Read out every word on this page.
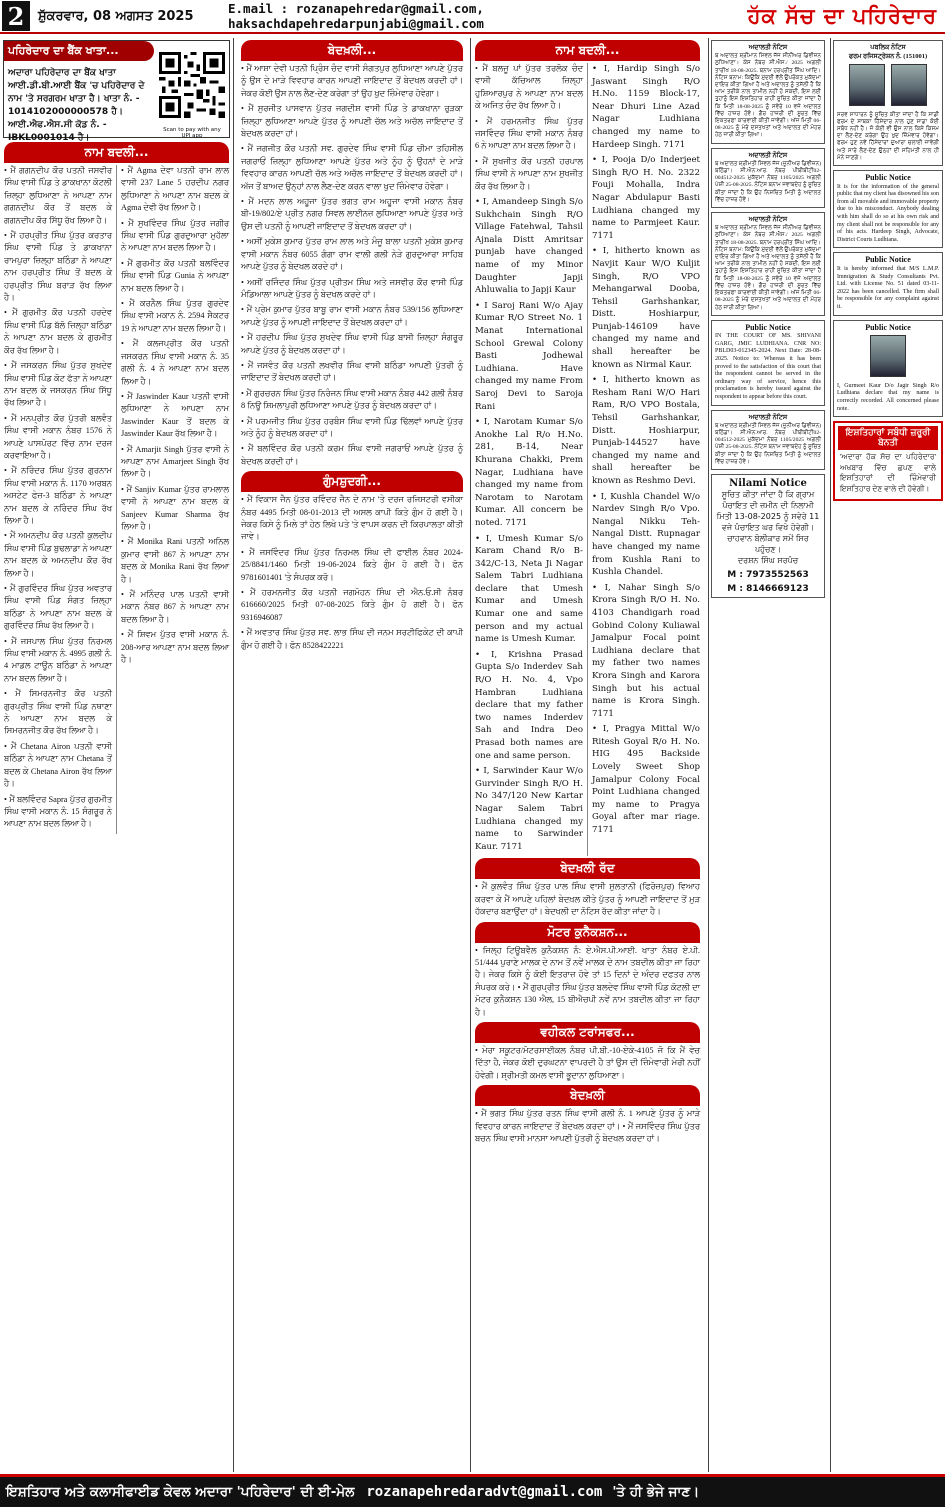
2	ਸ਼ੁੱਕਰਵਾਰ, 08 ਅਗਸਤ 2025	E.mail : rozanapehredar@gmail.com, haksachdapehredarpunjabi@gmail.com	ਹੱਕ ਸੱਚ ਦਾ ਪਹਿਰੇਦਾਰ
ਪਹਿਰੇਦਾਰ ਦਾ ਬੈਂਕ ਖਾਤਾ...
ਅਦਾਰਾ ਪਹਿਰੇਦਾਰ ਦਾ ਬੈਂਕ ਖਾਤਾ ਆਈ.ਡੀ.ਬੀ.ਆਈ ਬੈਂਕ 'ਚ ਪਹਿਰੇਦਾਰ ਦੇ ਨਾਮ 'ਤੇ ਸਰਗਰਮ ਖਾਤਾ ਹੈ। ਖਾਤਾ ਨੰ. - 1014102000000578 ਹੈ। ਆਈ.ਐਫ.ਐਸ.ਸੀ ਕੋਡ ਨੰ. - IBKL0001014 ਹੈ।
Scan to pay with any UPI app
ਨਾਮ ਬਦਲੀ...

• ਮੈਂ ਗਗਨਦੀਪ ਕੌਰ ਪਤਨੀ ਜਸਵੀਰ ਸਿੰਘ ਵਾਸੀ ਪਿੰਡ ਤੇ ਡਾਕਖਾਨਾ ਕੋਟਲੀ ਜ਼ਿਲ੍ਹਾ ਲੁਧਿਆਣਾ ਨੇ ਆਪਣਾ ਨਾਮ ਗਗਨਦੀਪ ਕੌਰ ਤੋਂ ਬਦਲ ਕੇ ਗਗਨਦੀਪ ਕੌਰ ਸਿੱਧੂ ਰੱਖ ਲਿਆ ਹੈ।

• ਮੈਂ ਹਰਪ੍ਰੀਤ ਸਿੰਘ ਪੁੱਤਰ ਕਰਤਾਰ ਸਿੰਘ ਵਾਸੀ ਪਿੰਡ ਤੇ ਡਾਕਖਾਨਾ ਰਾਮਪੁਰਾ ਜ਼ਿਲ੍ਹਾ ਬਠਿੰਡਾ ਨੇ ਆਪਣਾ ਨਾਮ ਹਰਪ੍ਰੀਤ ਸਿੰਘ ਤੋਂ ਬਦਲ ਕੇ ਹਰਪ੍ਰੀਤ ਸਿੰਘ ਬਰਾੜ ਰੱਖ ਲਿਆ ਹੈ।

• ਮੈਂ ਗੁਰਮੀਤ ਕੌਰ ਪਤਨੀ ਹਰਦੇਵ ਸਿੰਘ ਵਾਸੀ ਪਿੰਡ ਬੱਲੋ ਜ਼ਿਲ੍ਹਾ ਬਠਿੰਡਾ ਨੇ ਆਪਣਾ ਨਾਮ ਬਦਲ ਕੇ ਗੁਰਮੀਤ ਕੌਰ ਰੱਖ ਲਿਆ ਹੈ।

• ਮੈਂ ਜਸਕਰਨ ਸਿੰਘ ਪੁੱਤਰ ਸੁਖਦੇਵ ਸਿੰਘ ਵਾਸੀ ਪਿੰਡ ਕੋਟ ਫੱਤਾ ਨੇ ਆਪਣਾ ਨਾਮ ਬਦਲ ਕੇ ਜਸਕਰਨ ਸਿੰਘ ਸਿੱਧੂ ਰੱਖ ਲਿਆ ਹੈ।

• ਮੈਂ ਮਨਪ੍ਰੀਤ ਕੌਰ ਪੁੱਤਰੀ ਬਲਵੰਤ ਸਿੰਘ ਵਾਸੀ ਮਕਾਨ ਨੰਬਰ 1576 ਨੇ ਆਪਣੇ ਪਾਸਪੋਰਟ ਵਿੱਚ ਨਾਮ ਦਰਜ ਕਰਵਾਇਆ ਹੈ।

• ਮੈਂ ਨਰਿੰਦਰ ਸਿੰਘ ਪੁੱਤਰ ਗੁਰਨਾਮ ਸਿੰਘ ਵਾਸੀ ਮਕਾਨ ਨੰ. 1170 ਅਰਬਨ ਅਸਟੇਟ ਫੇਜ਼-3 ਬਠਿੰਡਾ ਨੇ ਆਪਣਾ ਨਾਮ ਬਦਲ ਕੇ ਨਰਿੰਦਰ ਸਿੰਘ ਰੱਖ ਲਿਆ ਹੈ।

• ਮੈਂ ਅਮਨਦੀਪ ਕੌਰ ਪਤਨੀ ਕੁਲਦੀਪ ਸਿੰਘ ਵਾਸੀ ਪਿੰਡ ਬੁਢਲਾਡਾ ਨੇ ਆਪਣਾ ਨਾਮ ਬਦਲ ਕੇ ਅਮਨਦੀਪ ਕੌਰ ਰੱਖ ਲਿਆ ਹੈ।

• ਮੈਂ ਗੁਰਵਿੰਦਰ ਸਿੰਘ ਪੁੱਤਰ ਅਵਤਾਰ ਸਿੰਘ ਵਾਸੀ ਪਿੰਡ ਸੰਗਤ ਜ਼ਿਲ੍ਹਾ ਬਠਿੰਡਾ ਨੇ ਆਪਣਾ ਨਾਮ ਬਦਲ ਕੇ ਗੁਰਵਿੰਦਰ ਸਿੰਘ ਰੱਖ ਲਿਆ ਹੈ।

• ਮੈਂ ਜਸਪਾਲ ਸਿੰਘ ਪੁੱਤਰ ਨਿਰਮਲ ਸਿੰਘ ਵਾਸੀ ਮਕਾਨ ਨੰ. 4995 ਗਲੀ ਨੰ. 4 ਮਾਡਲ ਟਾਊਨ ਬਠਿੰਡਾ ਨੇ ਆਪਣਾ ਨਾਮ ਬਦਲ ਲਿਆ ਹੈ।

• ਮੈਂ ਸਿਮਰਨਜੀਤ ਕੌਰ ਪਤਨੀ ਗੁਰਪ੍ਰੀਤ ਸਿੰਘ ਵਾਸੀ ਪਿੰਡ ਨਥਾਣਾ ਨੇ ਆਪਣਾ ਨਾਮ ਬਦਲ ਕੇ ਸਿਮਰਨਜੀਤ ਕੌਰ ਰੱਖ ਲਿਆ ਹੈ।

• ਮੈਂ Chetana Airon ਪਤਨੀ ਵਾਸੀ ਬਠਿੰਡਾ ਨੇ ਆਪਣਾ ਨਾਮ Chetana ਤੋਂ ਬਦਲ ਕੇ Chetana Airon ਰੱਖ ਲਿਆ ਹੈ।

• ਮੈਂ ਬਲਵਿੰਦਰ Sapra ਪੁੱਤਰ ਗੁਰਮੀਤ ਸਿੰਘ ਵਾਸੀ ਮਕਾਨ ਨੰ. 15 ਸੰਗਰੂਰ ਨੇ ਆਪਣਾ ਨਾਮ ਬਦਲ ਲਿਆ ਹੈ।

• ਮੈਂ Agma ਦੇਵਾ ਪਤਨੀ ਰਾਮ ਲਾਲ ਵਾਸੀ 237 Lane 5 ਹਰਦੀਪ ਨਗਰ ਲੁਧਿਆਣਾ ਨੇ ਆਪਣਾ ਨਾਮ ਬਦਲ ਕੇ Agma ਦੇਵੀ ਰੱਖ ਲਿਆ ਹੈ।

• ਮੈਂ ਸੁਖਵਿੰਦਰ ਸਿੰਘ ਪੁੱਤਰ ਜਗੀਰ ਸਿੰਘ ਵਾਸੀ ਪਿੰਡ ਗੁਰਦੁਆਰਾ ਮੁਹੱਲਾ ਨੇ ਆਪਣਾ ਨਾਮ ਬਦਲ ਲਿਆ ਹੈ।

• ਮੈਂ ਗੁਰਮੀਤ ਕੌਰ ਪਤਨੀ ਬਲਵਿੰਦਰ ਸਿੰਘ ਵਾਸੀ ਪਿੰਡ Gunia ਨੇ ਆਪਣਾ ਨਾਮ ਬਦਲ ਲਿਆ ਹੈ।

• ਮੈਂ ਕਰਨੈਲ ਸਿੰਘ ਪੁੱਤਰ ਗੁਰਦੇਵ ਸਿੰਘ ਵਾਸੀ ਮਕਾਨ ਨੰ. 2594 ਸੈਕਟਰ 19 ਨੇ ਆਪਣਾ ਨਾਮ ਬਦਲ ਲਿਆ ਹੈ।

• ਮੈਂ ਕਲਜਪ੍ਰੀਤ ਕੌਰ ਪਤਨੀ ਜਸਕਰਨ ਸਿੰਘ ਵਾਸੀ ਮਕਾਨ ਨੰ. 35 ਗਲੀ ਨੰ. 4 ਨੇ ਆਪਣਾ ਨਾਮ ਬਦਲ ਲਿਆ ਹੈ।

• ਮੈਂ Jaswinder Kaur ਪਤਨੀ ਵਾਸੀ ਲੁਧਿਆਣਾ ਨੇ ਆਪਣਾ ਨਾਮ Jaswinder Kaur ਤੋਂ ਬਦਲ ਕੇ Jaswinder Kaur ਰੱਖ ਲਿਆ ਹੈ।

• ਮੈਂ Amarjit Singh ਪੁੱਤਰ ਵਾਸੀ ਨੇ ਆਪਣਾ ਨਾਮ Amarjeet Singh ਰੱਖ ਲਿਆ ਹੈ।

• ਮੈਂ Sanjiv Kumar ਪੁੱਤਰ ਰਾਮਲਾਲ ਵਾਸੀ ਨੇ ਆਪਣਾ ਨਾਮ ਬਦਲ ਕੇ Sanjeev Kumar Sharma ਰੱਖ ਲਿਆ ਹੈ।

• ਮੈਂ Monika Rani ਪਤਨੀ ਅਨਿਲ ਕੁਮਾਰ ਵਾਸੀ 867 ਨੇ ਆਪਣਾ ਨਾਮ ਬਦਲ ਕੇ Monika Rani ਰੱਖ ਲਿਆ ਹੈ।

• ਮੈਂ ਮਨਿੰਦਰ ਪਾਲ ਪਤਨੀ ਵਾਸੀ ਮਕਾਨ ਨੰਬਰ 867 ਨੇ ਆਪਣਾ ਨਾਮ ਬਦਲ ਲਿਆ ਹੈ।

• ਮੈਂ ਸ਼ਿਵਮ ਪੁੱਤਰ ਵਾਸੀ ਮਕਾਨ ਨੰ. 208-ਆਰ ਆਪਣਾ ਨਾਮ ਬਦਲ ਲਿਆ ਹੈ।

ਬੇਦਖ਼ਲੀ...

• ਮੈਂ ਆਸ਼ਾ ਦੇਵੀ ਪਤਨੀ ਪ੍ਰਿੰਸ ਚੰਦ ਵਾਸੀ ਸੰਗਤਪੁਰ ਲੁਧਿਆਣਾ ਆਪਣੇ ਪੁੱਤਰ ਨੂੰ ਉਸ ਦੇ ਮਾੜੇ ਵਿਵਹਾਰ ਕਾਰਨ ਆਪਣੀ ਜਾਇਦਾਦ ਤੋਂ ਬੇਦਖਲ ਕਰਦੀ ਹਾਂ। ਜੇਕਰ ਕੋਈ ਉਸ ਨਾਲ ਲੈਣ-ਦੇਣ ਕਰੇਗਾ ਤਾਂ ਉਹ ਖੁਦ ਜ਼ਿੰਮੇਵਾਰ ਹੋਵੇਗਾ।

• ਮੈਂ ਸੁਰਜੀਤ ਪਾਸਵਾਨ ਪੁੱਤਰ ਜਗਦੀਸ਼ ਵਾਸੀ ਪਿੰਡ ਤੇ ਡਾਕਖਾਨਾ ਰੁੜਕਾ ਜ਼ਿਲ੍ਹਾ ਲੁਧਿਆਣਾ ਆਪਣੇ ਪੁੱਤਰ ਨੂੰ ਆਪਣੀ ਚੱਲ ਅਤੇ ਅਚੱਲ ਜਾਇਦਾਦ ਤੋਂ ਬੇਦਖਲ ਕਰਦਾ ਹਾਂ।

• ਮੈਂ ਜਗਜੀਤ ਕੌਰ ਪਤਨੀ ਸਵ. ਗੁਰਦੇਵ ਸਿੰਘ ਵਾਸੀ ਪਿੰਡ ਚੀਮਾ ਤਹਿਸੀਲ ਜਗਰਾਓਂ ਜ਼ਿਲ੍ਹਾ ਲੁਧਿਆਣਾ ਆਪਣੇ ਪੁੱਤਰ ਅਤੇ ਨੂੰਹ ਨੂੰ ਉਹਨਾਂ ਦੇ ਮਾੜੇ ਵਿਵਹਾਰ ਕਾਰਨ ਆਪਣੀ ਚੱਲ ਅਤੇ ਅਚੱਲ ਜਾਇਦਾਦ ਤੋਂ ਬੇਦਖਲ ਕਰਦੀ ਹਾਂ। ਅੱਜ ਤੋਂ ਬਾਅਦ ਉਨ੍ਹਾਂ ਨਾਲ ਲੈਣ-ਦੇਣ ਕਰਨ ਵਾਲਾ ਖੁਦ ਜ਼ਿੰਮੇਵਾਰ ਹੋਵੇਗਾ।

• ਮੈਂ ਮਦਨ ਲਾਲ ਅਹੂਜਾ ਪੁੱਤਰ ਭਗਤ ਰਾਮ ਅਹੂਜਾ ਵਾਸੀ ਮਕਾਨ ਨੰਬਰ ਬੀ-19/802/ਏ ਪ੍ਰੀਤ ਨਗਰ ਸਿਵਲ ਲਾਈਨਜ਼ ਲੁਧਿਆਣਾ ਆਪਣੇ ਪੁੱਤਰ ਅਤੇ ਉਸ ਦੀ ਪਤਨੀ ਨੂੰ ਆਪਣੀ ਜਾਇਦਾਦ ਤੋਂ ਬੇਦਖਲ ਕਰਦਾ ਹਾਂ।

• ਅਸੀਂ ਮੁਕੇਸ਼ ਕੁਮਾਰ ਪੁੱਤਰ ਰਾਮ ਲਾਲ ਅਤੇ ਮੰਜੂ ਬਾਲਾ ਪਤਨੀ ਮੁਕੇਸ਼ ਕੁਮਾਰ ਵਾਸੀ ਮਕਾਨ ਨੰਬਰ 6055 ਗੰਗਾ ਰਾਮ ਵਾਲੀ ਗਲੀ ਨੇੜੇ ਗੁਰਦੁਆਰਾ ਸਾਹਿਬ ਆਪਣੇ ਪੁੱਤਰ ਨੂੰ ਬੇਦਖਲ ਕਰਦੇ ਹਾਂ।

• ਅਸੀਂ ਰਜਿੰਦਰ ਸਿੰਘ ਪੁੱਤਰ ਪ੍ਰੀਤਮ ਸਿੰਘ ਅਤੇ ਜਸਵੀਰ ਕੌਰ ਵਾਸੀ ਪਿੰਡ ਮੰਡਿਆਲਾ ਆਪਣੇ ਪੁੱਤਰ ਨੂੰ ਬੇਦਖਲ ਕਰਦੇ ਹਾਂ।

• ਮੈਂ ਪ੍ਰੇਮ ਕੁਮਾਰ ਪੁੱਤਰ ਬਾਬੂ ਰਾਮ ਵਾਸੀ ਮਕਾਨ ਨੰਬਰ 539/156 ਲੁਧਿਆਣਾ ਆਪਣੇ ਪੁੱਤਰ ਨੂੰ ਆਪਣੀ ਜਾਇਦਾਦ ਤੋਂ ਬੇਦਖਲ ਕਰਦਾ ਹਾਂ।

• ਮੈਂ ਹਰਦੀਪ ਸਿੰਘ ਪੁੱਤਰ ਸੁਖਦੇਵ ਸਿੰਘ ਵਾਸੀ ਪਿੰਡ ਬਾਸੀ ਜ਼ਿਲ੍ਹਾ ਸੰਗਰੂਰ ਆਪਣੇ ਪੁੱਤਰ ਨੂੰ ਬੇਦਖਲ ਕਰਦਾ ਹਾਂ।

• ਮੈਂ ਜਸਵੰਤ ਕੌਰ ਪਤਨੀ ਲਖਵੀਰ ਸਿੰਘ ਵਾਸੀ ਬਠਿੰਡਾ ਆਪਣੀ ਪੁੱਤਰੀ ਨੂੰ ਜਾਇਦਾਦ ਤੋਂ ਬੇਦਖਲ ਕਰਦੀ ਹਾਂ।

• ਮੈਂ ਗੁਰਚਰਨ ਸਿੰਘ ਪੁੱਤਰ ਨਿਰੰਜਨ ਸਿੰਘ ਵਾਸੀ ਮਕਾਨ ਨੰਬਰ 442 ਗਲੀ ਨੰਬਰ 8 ਨਿਊ ਸ਼ਿਮਲਾਪੁਰੀ ਲੁਧਿਆਣਾ ਆਪਣੇ ਪੁੱਤਰ ਨੂੰ ਬੇਦਖਲ ਕਰਦਾ ਹਾਂ।

• ਮੈਂ ਪਰਮਜੀਤ ਸਿੰਘ ਪੁੱਤਰ ਹਰਬੰਸ ਸਿੰਘ ਵਾਸੀ ਪਿੰਡ ਢਿੱਲਵਾਂ ਆਪਣੇ ਪੁੱਤਰ ਅਤੇ ਨੂੰਹ ਨੂੰ ਬੇਦਖਲ ਕਰਦਾ ਹਾਂ।

• ਮੈਂ ਬਲਵਿੰਦਰ ਕੌਰ ਪਤਨੀ ਕਰਮ ਸਿੰਘ ਵਾਸੀ ਜਗਰਾਓਂ ਆਪਣੇ ਪੁੱਤਰ ਨੂੰ ਬੇਦਖਲ ਕਰਦੀ ਹਾਂ।

ਗੁੰਮਸ਼ੁਦਗੀ...

• ਮੈਂ ਵਿਕਾਸ ਜੈਨ ਪੁੱਤਰ ਰਵਿੰਦਰ ਜੈਨ ਦੇ ਨਾਮ 'ਤੇ ਦਰਜ ਰਜਿਸਟਰੀ ਵਸੀਕਾ ਨੰਬਰ 4495 ਮਿਤੀ 08-01-2013 ਦੀ ਅਸਲ ਕਾਪੀ ਕਿਤੇ ਗੁੰਮ ਹੋ ਗਈ ਹੈ। ਜੇਕਰ ਕਿਸੇ ਨੂੰ ਮਿਲੇ ਤਾਂ ਹੇਠ ਲਿਖੇ ਪਤੇ 'ਤੇ ਵਾਪਸ ਕਰਨ ਦੀ ਕਿਰਪਾਲਤਾ ਕੀਤੀ ਜਾਵੇ।

• ਮੈਂ ਜਸਵਿੰਦਰ ਸਿੰਘ ਪੁੱਤਰ ਨਿਰਮਲ ਸਿੰਘ ਦੀ ਫਾਈਲ ਨੰਬਰ 2024-25/8841/1460 ਮਿਤੀ 19-06-2024 ਕਿਤੇ ਗੁੰਮ ਹੋ ਗਈ ਹੈ। ਫੋਨ 9781601401 'ਤੇ ਸੰਪਰਕ ਕਰੋ।

• ਮੈਂ ਹਰਮਨਜੀਤ ਕੌਰ ਪਤਨੀ ਜਗਮੋਹਨ ਸਿੰਘ ਦੀ ਐਨ.ਓ.ਸੀ ਨੰਬਰ 616660/2025 ਮਿਤੀ 07-08-2025 ਕਿਤੇ ਗੁੰਮ ਹੋ ਗਈ ਹੈ। ਫੋਨ 9316946087

• ਮੈਂ ਅਵਤਾਰ ਸਿੰਘ ਪੁੱਤਰ ਸਵ. ਲਾਭ ਸਿੰਘ ਦੀ ਜਨਮ ਸਰਟੀਫਿਕੇਟ ਦੀ ਕਾਪੀ ਗੁੰਮ ਹੋ ਗਈ ਹੈ। ਫੋਨ 8528422221

ਨਾਮ ਬਦਲੀ...

• ਮੈਂ ਬਲਜੂ ਪਾਂ ਪੁੱਤਰ ਤਰਲੋਕ ਚੰਦ ਵਾਸੀ ਕੱਚਿਆਲ ਜ਼ਿਲ੍ਹਾ ਹੁਸ਼ਿਆਰਪੁਰ ਨੇ ਆਪਣਾ ਨਾਮ ਬਦਲ ਕੇ ਅਜਿਤ ਚੰਦ ਰੱਖ ਲਿਆ ਹੈ।

• ਮੈਂ ਹਰਮਨਜੀਤ ਸਿੰਘ ਪੁੱਤਰ ਜਸਵਿੰਦਰ ਸਿੰਘ ਵਾਸੀ ਮਕਾਨ ਨੰਬਰ 6 ਨੇ ਆਪਣਾ ਨਾਮ ਬਦਲ ਲਿਆ ਹੈ।

• ਮੈਂ ਸੁਖਜੀਤ ਕੌਰ ਪਤਨੀ ਹਰਪਾਲ ਸਿੰਘ ਵਾਸੀ ਨੇ ਆਪਣਾ ਨਾਮ ਸੁਖਜੀਤ ਕੌਰ ਰੱਖ ਲਿਆ ਹੈ।

• I, Amandeep Singh S/o Sukhchain Singh R/O Village Fatehwal, Tahsil Ajnala Distt Amritsar punjab have changed name of my Minor Daughter Japji Ahluwalia to Japji Kaur

• I Saroj Rani W/o Ajay Kumar R/O Street No. 1 Manat International School Grewal Colony Basti Jodhewal Ludhiana. Have changed my name From Saroj Devi to Saroja Rani

• I, Narotam Kumar S/o Anokhe Lal R/o H.No. 281, B-14, Near Khurana Chakki, Prem Nagar, Ludhiana have changed my name from Narotam to Narotam Kumar. All concern be noted. 7171

• I, Umesh Kumar S/o Karam Chand R/o B-342/C-13, Neta Ji Nagar Salem Tabri Ludhiana declare that Umesh Kumar and Umesh Kumar one and same person and my actual name is Umesh Kumar.

• I, Krishna Prasad Gupta S/o Inderdev Sah R/O H. No. 4, Vpo Hambran Ludhiana declare that my father two names Inderdev Sah and Indra Deo Prasad both names are one and same person.

• I, Sarwinder Kaur W/o Gurvinder Singh R/O H. No 347/120 New Kartar Nagar Salem Tabri Ludhiana changed my name to Sarwinder Kaur. 7171

• I, Hardip Singh S/o Jaswant Singh R/O H.No. 1159 Block-17, Near Dhuri Line Azad Nagar Ludhiana changed my name to Hardeep Singh. 7171

• I, Pooja D/o Inderjeet Singh R/O H. No. 2322 Fouji Mohalla, Indra Nagar Abdulapur Basti Ludhiana changed my name to Parmjeet Kaur. 7171

• I, hitherto known as Navjit Kaur W/O Kuljit Singh, R/O VPO Mehangarwal Dooba, Tehsil Garhshankar, Distt. Hoshiarpur, Punjab-146109 have changed my name and shall hereafter be known as Nirmal Kaur.

• I, hitherto known as Resham Rani W/O Hari Ram, R/O VPO Bostala, Tehsil Garhshankar, Distt. Hoshiarpur, Punjab-144527 have changed my name and shall hereafter be known as Reshmo Devi.

• I, Kushla Chandel W/o Nardev Singh R/o Vpo. Nangal Nikku Teh-Nangal Distt. Rupnagar have changed my name from Kushla Rani to Kushla Chandel.

• I, Nahar Singh S/o Krora Singh R/O H. No. 4103 Chandigarh road Gobind Colony Kuliawal Jamalpur Focal point Ludhiana declare that my father two names Krora Singh and Karora Singh but his actual name is Krora Singh. 7171

• I, Pragya Mittal W/o Ritesh Goyal R/o H. No. HIG 495 Backside Lovely Sweet Shop Jamalpur Colony Focal Point Ludhiana changed my name to Pragya Goyal after mar riage. 7171

ਬੇਦਖ਼ਲੀ ਰੱਦ

• ਮੈਂ ਕੁਲਵੰਤ ਸਿੰਘ ਪੁੱਤਰ ਪਾਲ ਸਿੰਘ ਵਾਸੀ ਸੁਲਤਾਨੀ (ਫਿਰੋਜ਼ਪੁਰ) ਵਿਆਹ ਕਰਵਾ ਕੇ ਮੈਂ ਆਪਣੇ ਪਹਿਲਾਂ ਬੇਦਖ਼ਲ ਕੀਤੇ ਪੁੱਤਰ ਨੂੰ ਆਪਣੀ ਜਾਇਦਾਦ ਤੋਂ ਮੁੜ ਹੱਕਦਾਰ ਬਣਾਉਂਦਾ ਹਾਂ। ਬੇਦਖਲੀ ਦਾ ਨੋਟਿਸ ਰੱਦ ਕੀਤਾ ਜਾਂਦਾ ਹੈ।

ਮੋਟਰ ਕੁਨੈਕਸ਼ਨ...

• ਜਿਲ੍ਹ ਟਿਊਬਵੈਲ ਕੁਨੈਕਸ਼ਨ ਨੰ: ਏ.ਐਸ.ਪੀ.ਆਈ. ਖਾਤਾ ਨੰਬਰ ਏ.ਪੀ. 51/444 ਪੁਰਾਣੇ ਮਾਲਕ ਦੇ ਨਾਮ ਤੋਂ ਨਵੇਂ ਮਾਲਕ ਦੇ ਨਾਮ ਤਬਦੀਲ ਕੀਤਾ ਜਾ ਰਿਹਾ ਹੈ। ਜੇਕਰ ਕਿਸੇ ਨੂੰ ਕੋਈ ਇਤਰਾਜ਼ ਹੋਵੇ ਤਾਂ 15 ਦਿਨਾਂ ਦੇ ਅੰਦਰ ਦਫਤਰ ਨਾਲ ਸੰਪਰਕ ਕਰੇ। • ਮੈਂ ਗੁਰਪ੍ਰੀਤ ਸਿੰਘ ਪੁੱਤਰ ਬਲਦੇਵ ਸਿੰਘ ਵਾਸੀ ਪਿੰਡ ਕੋਟਲੀ ਦਾ ਮੋਟਰ ਕੁਨੈਕਸ਼ਨ 130 ਐਲ, 15 ਬੀਐਚਪੀ ਨਵੇਂ ਨਾਮ ਤਬਦੀਲ ਕੀਤਾ ਜਾ ਰਿਹਾ ਹੈ।

ਵਹੀਕਲ ਟਰਾਂਸਫਰ...

• ਮੇਰਾ ਸਕੂਟਰ/ਮੋਟਰਸਾਈਕਲ ਨੰਬਰ ਪੀ.ਬੀ.-10-ਏਕੇ-4105 ਜੋ ਕਿ ਮੈਂ ਵੇਚ ਦਿੱਤਾ ਹੈ, ਜੇਕਰ ਕੋਈ ਦੁਰਘਟਨਾ ਵਾਪਰਦੀ ਹੈ ਤਾਂ ਉਸ ਦੀ ਜ਼ਿੰਮੇਵਾਰੀ ਮੇਰੀ ਨਹੀਂ ਹੋਵੇਗੀ। ਸ਼੍ਰੀਮਤੀ ਕਮਲ ਵਾਸੀ ਭੂਦਾਨਾ ਲੁਧਿਆਣਾ।

ਬੇਦਖ਼ਲੀ

• ਮੈਂ ਭਗਤ ਸਿੰਘ ਪੁੱਤਰ ਰਤਨ ਸਿੰਘ ਵਾਸੀ ਗਲੀ ਨੰ. 1 ਆਪਣੇ ਪੁੱਤਰ ਨੂੰ ਮਾੜੇ ਵਿਵਹਾਰ ਕਾਰਨ ਜਾਇਦਾਦ ਤੋਂ ਬੇਦਖਲ ਕਰਦਾ ਹਾਂ। • ਮੈਂ ਜਸਵਿੰਦਰ ਸਿੰਘ ਪੁੱਤਰ ਬਚਨ ਸਿੰਘ ਵਾਸੀ ਮਾਨਸਾ ਆਪਣੀ ਪੁੱਤਰੀ ਨੂੰ ਬੇਦਖਲ ਕਰਦਾ ਹਾਂ।

ਅਦਾਲਤੀ ਨੋਟਿਸ
ਬ ਅਦਾਲਤ ਸ਼੍ਰੀਮਾਨ ਸਿਵਲ ਜੱਜ ਸੀਨੀਅਰ ਡਿਵੀਜ਼ਨ ਲੁਧਿਆਣਾ। ਕੇਸ ਨੰਬਰ ਸੀ.ਐਸ./ 2025 ਅਗਲੀ ਤਾਰੀਖ 18-08-2025. ਬਨਾਮ ਹਰਪ੍ਰੀਤ ਸਿੰਘ ਆਦਿ। ਨੋਟਿਸ ਬਨਾਮ: ਕਿਉਂਕਿ ਮੁੱਦਈ ਵੱਲੋਂ ਉਪਰੋਕਤ ਮੁਕੱਦਮਾ ਦਾਇਰ ਕੀਤਾ ਗਿਆ ਹੈ ਅਤੇ ਅਦਾਲਤ ਨੂੰ ਤਸੱਲੀ ਹੈ ਕਿ ਆਮ ਤਰੀਕੇ ਨਾਲ ਤਾਮੀਲ ਨਹੀਂ ਹੋ ਸਕਦੀ, ਇਸ ਲਈ ਤੁਹਾਨੂੰ ਇਸ ਇਸ਼ਤਿਹਾਰ ਰਾਹੀਂ ਸੂਚਿਤ ਕੀਤਾ ਜਾਂਦਾ ਹੈ ਕਿ ਮਿਤੀ 18-08-2025 ਨੂੰ ਸਵੇਰੇ 10 ਵਜੇ ਅਦਾਲਤ ਵਿੱਚ ਹਾਜ਼ਰ ਹੋਵੋ। ਗੈਰ ਹਾਜ਼ਰੀ ਦੀ ਸੂਰਤ ਵਿੱਚ ਇਕਤਰਫਾ ਕਾਰਵਾਈ ਕੀਤੀ ਜਾਵੇਗੀ। ਅੱਜ ਮਿਤੀ 06-08-2025 ਨੂੰ ਮੇਰੇ ਦਸਤਖਤਾਂ ਅਤੇ ਅਦਾਲਤ ਦੀ ਮੋਹਰ ਹੇਠ ਜਾਰੀ ਕੀਤਾ ਗਿਆ।
ਅਦਾਲਤੀ ਨੋਟਿਸ
ਬ ਅਦਾਲਤ ਸ਼੍ਰੀਮਤੀ ਸਿਵਲ ਜੱਜ (ਜੂਨੀਅਰ ਡਿਵੀਜ਼ਨ) ਬਠਿੰਡਾ। ਸੀ.ਐਨ.ਆਰ. ਨੰਬਰ ਪੀਬੀਬੀਟੀ02-004512-2025 ਮੁਕੱਦਮਾ ਨੰਬਰ 1105/2025 ਅਗਲੀ ਪੇਸ਼ੀ 25-08-2025. ਨੋਟਿਸ ਬਨਾਮ ਜਵਾਬਦੇਹ ਨੂੰ ਸੂਚਿਤ ਕੀਤਾ ਜਾਂਦਾ ਹੈ ਕਿ ਉਹ ਨਿਸ਼ਚਿਤ ਮਿਤੀ ਨੂੰ ਅਦਾਲਤ ਵਿੱਚ ਹਾਜ਼ਰ ਹੋਵੇ।
ਅਦਾਲਤੀ ਨੋਟਿਸ
ਬ ਅਦਾਲਤ ਸ਼੍ਰੀਮਾਨ ਸਿਵਲ ਜੱਜ ਸੀਨੀਅਰ ਡਿਵੀਜ਼ਨ ਲੁਧਿਆਣਾ। ਕੇਸ ਨੰਬਰ ਸੀ.ਐਸ./ 2025 ਅਗਲੀ ਤਾਰੀਖ 18-08-2025. ਬਨਾਮ ਹਰਪ੍ਰੀਤ ਸਿੰਘ ਆਦਿ। ਨੋਟਿਸ ਬਨਾਮ: ਕਿਉਂਕਿ ਮੁੱਦਈ ਵੱਲੋਂ ਉਪਰੋਕਤ ਮੁਕੱਦਮਾ ਦਾਇਰ ਕੀਤਾ ਗਿਆ ਹੈ ਅਤੇ ਅਦਾਲਤ ਨੂੰ ਤਸੱਲੀ ਹੈ ਕਿ ਆਮ ਤਰੀਕੇ ਨਾਲ ਤਾਮੀਲ ਨਹੀਂ ਹੋ ਸਕਦੀ, ਇਸ ਲਈ ਤੁਹਾਨੂੰ ਇਸ ਇਸ਼ਤਿਹਾਰ ਰਾਹੀਂ ਸੂਚਿਤ ਕੀਤਾ ਜਾਂਦਾ ਹੈ ਕਿ ਮਿਤੀ 18-08-2025 ਨੂੰ ਸਵੇਰੇ 10 ਵਜੇ ਅਦਾਲਤ ਵਿੱਚ ਹਾਜ਼ਰ ਹੋਵੋ। ਗੈਰ ਹਾਜ਼ਰੀ ਦੀ ਸੂਰਤ ਵਿੱਚ ਇਕਤਰਫਾ ਕਾਰਵਾਈ ਕੀਤੀ ਜਾਵੇਗੀ। ਅੱਜ ਮਿਤੀ 06-08-2025 ਨੂੰ ਮੇਰੇ ਦਸਤਖਤਾਂ ਅਤੇ ਅਦਾਲਤ ਦੀ ਮੋਹਰ ਹੇਠ ਜਾਰੀ ਕੀਤਾ ਗਿਆ।
Public Notice
IN THE COURT OF MS. SHIVANI GARG, JMIC LUDHIANA. CNR NO: PBLD03-012345-2024. Next Date: 28-08-2025. Notice to: Whereas it has been proved to the satisfaction of this court that the respondent cannot be served in the ordinary way of service, hence this proclamation is hereby issued against the respondent to appear before this court.
ਅਦਾਲਤੀ ਨੋਟਿਸ
ਬ ਅਦਾਲਤ ਸ਼੍ਰੀਮਤੀ ਸਿਵਲ ਜੱਜ (ਜੂਨੀਅਰ ਡਿਵੀਜ਼ਨ) ਬਠਿੰਡਾ। ਸੀ.ਐਨ.ਆਰ. ਨੰਬਰ ਪੀਬੀਬੀਟੀ02-004512-2025 ਮੁਕੱਦਮਾ ਨੰਬਰ 1105/2025 ਅਗਲੀ ਪੇਸ਼ੀ 25-08-2025. ਨੋਟਿਸ ਬਨਾਮ ਜਵਾਬਦੇਹ ਨੂੰ ਸੂਚਿਤ ਕੀਤਾ ਜਾਂਦਾ ਹੈ ਕਿ ਉਹ ਨਿਸ਼ਚਿਤ ਮਿਤੀ ਨੂੰ ਅਦਾਲਤ ਵਿੱਚ ਹਾਜ਼ਰ ਹੋਵੇ।
Nilami Notice
ਸੂਚਿਤ ਕੀਤਾ ਜਾਂਦਾ ਹੈ ਕਿ ਗ੍ਰਾਮ ਪੰਚਾਇਤ ਦੀ ਜ਼ਮੀਨ ਦੀ ਨਿਲਾਮੀ ਮਿਤੀ 13-08-2025 ਨੂੰ ਸਵੇਰੇ 11 ਵਜੇ ਪੰਚਾਇਤ ਘਰ ਵਿਖੇ ਹੋਵੇਗੀ। ਚਾਹਵਾਨ ਬੋਲੀਕਾਰ ਸਮੇਂ ਸਿਰ ਪਹੁੰਚਣ।
ਦਰਸ਼ਨ ਸਿੰਘ ਸਰਪੰਚ
M : 7973552563
M : 8146669123
ਪਬਲਿਕ ਨੋਟਿਸ
ਫਰਮ ਰਜਿਸਟ੍ਰੇਸ਼ਨ ਨੰ. (151001)

ਸਰਵ ਸਾਧਾਰਨ ਨੂੰ ਸੂਚਿਤ ਕੀਤਾ ਜਾਂਦਾ ਹੈ ਕਿ ਸਾਡੀ ਫਰਮ ਦੇ ਸਾਬਕਾ ਹਿੱਸੇਦਾਰ ਨਾਲ ਹੁਣ ਸਾਡਾ ਕੋਈ ਸਬੰਧ ਨਹੀਂ ਹੈ। ਜੋ ਕੋਈ ਵੀ ਉਸ ਨਾਲ ਕਿਸੇ ਕਿਸਮ ਦਾ ਲੈਣ-ਦੇਣ ਕਰੇਗਾ ਉਹ ਖੁਦ ਜ਼ਿੰਮੇਵਾਰ ਹੋਵੇਗਾ। ਫਰਮ ਹੁਣ ਨਵੇਂ ਹਿੱਸੇਦਾਰਾਂ ਦੁਆਰਾ ਚਲਾਈ ਜਾਵੇਗੀ ਅਤੇ ਸਾਰੇ ਲੈਣ-ਦੇਣ ਉਨ੍ਹਾਂ ਦੀ ਸਹਿਮਤੀ ਨਾਲ ਹੀ ਮੰਨੇ ਜਾਣਗੇ।
Public Notice
It is for the information of the general public that my client has disowned his son from all movable and immovable property due to his misconduct. Anybody dealing with him shall do so at his own risk and my client shall not be responsible for any of his acts. Hardeep Singh, Advocate, District Courts Ludhiana.
Public Notice
It is hereby informed that M/S L.M.P. Immigration & Study Consultants Pvt. Ltd. with License No. 51 dated 03-11-2022 has been cancelled. The firm shall be responsible for any complaint against it.
Public Notice
I, Gurmeet Kaur D/o Jagir Singh R/o Ludhiana declare that my name is correctly recorded. All concerned please note.
ਇਸ਼ਤਿਹਾਰਾਂ ਸਬੰਧੀ ਜ਼ਰੂਰੀ ਬੇਨਤੀ
'ਅਦਾਰਾ ਹੱਕ ਸੱਚ ਦਾ ਪਹਿਰੇਦਾਰ' ਅਖਬਾਰ ਵਿੱਚ ਛਪਣ ਵਾਲੇ ਇਸ਼ਤਿਹਾਰਾਂ ਦੀ ਜ਼ਿੰਮੇਵਾਰੀ ਇਸ਼ਤਿਹਾਰ ਦੇਣ ਵਾਲੇ ਦੀ ਹੋਵੇਗੀ।
ਇਸ਼ਤਿਹਾਰ ਅਤੇ ਕਲਾਸੀਫਾਈਡ ਕੇਵਲ ਅਦਾਰਾ 'ਪਹਿਰੇਦਾਰ' ਦੀ ਈ-ਮੇਲ rozanapehredaradvt@gmail.com 'ਤੇ ਹੀ ਭੇਜੇ ਜਾਣ।
